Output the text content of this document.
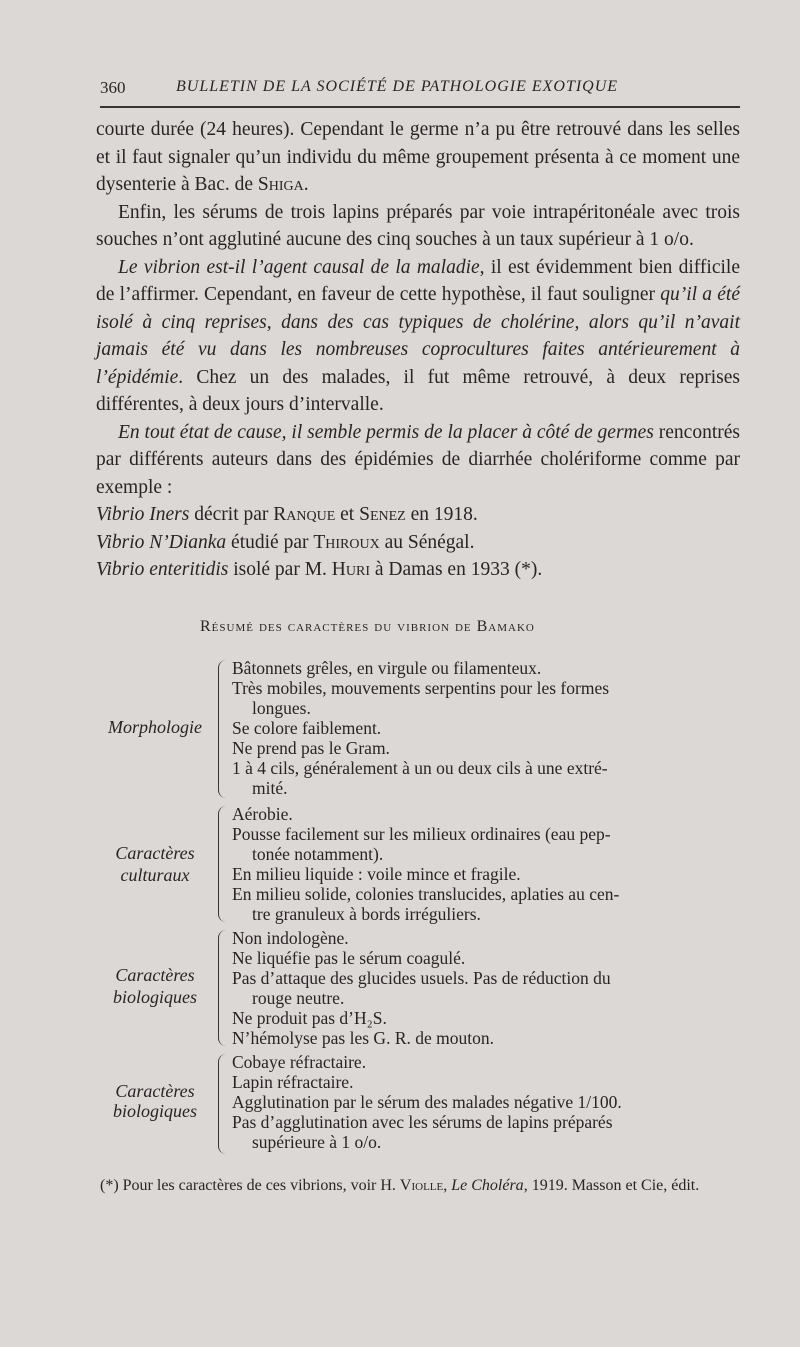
360	BULLETIN DE LA SOCIÉTÉ DE PATHOLOGIE EXOTIQUE

courte durée (24 heures). Cependant le germe n’a pu être retrouvé dans les selles et il faut signaler qu’un individu du même groupement présenta à ce moment une dysenterie à Bac. de Shiga.

Enfin, les sérums de trois lapins préparés par voie intrapéritonéale avec trois souches n’ont agglutiné aucune des cinq souches à un taux supérieur à 1 o/o.

Le vibrion est-il l’agent causal de la maladie, il est évidemment bien difficile de l’affirmer. Cependant, en faveur de cette hypothèse, il faut souligner qu’il a été isolé à cinq reprises, dans des cas typiques de cholérine, alors qu’il n’avait jamais été vu dans les nombreuses coprocultures faites antérieurement à l’épidémie. Chez un des malades, il fut même retrouvé, à deux reprises différentes, à deux jours d’intervalle.

En tout état de cause, il semble permis de la placer à côté de germes rencontrés par différents auteurs dans des épidémies de diarrhée cholériforme comme par exemple :

Vibrio Iners décrit par Ranque et Senez en 1918.

Vibrio N’Dianka étudié par Thiroux au Sénégal.

Vibrio enteritidis isolé par M. Huri à Damas en 1933 (*).

Résumé des caractères du vibrion de Bamako
Morphologie
Bâtonnets grêles, en virgule ou filamenteux.
Très mobiles, mouvements serpentins pour les formes
longues.
Se colore faiblement.
Ne prend pas le Gram.
1 à 4 cils, généralement à un ou deux cils à une extré-
mité.
Caractères
culturaux
Aérobie.
Pousse facilement sur les milieux ordinaires (eau pep-
tonée notamment).
En milieu liquide : voile mince et fragile.
En milieu solide, colonies translucides, aplaties au cen-
tre granuleux à bords irréguliers.
Caractères
biologiques
Non indologène.
Ne liquéfie pas le sérum coagulé.
Pas d’attaque des glucides usuels. Pas de réduction du
rouge neutre.
Ne produit pas d’H₂S.
N’hémolyse pas les G. R. de mouton.
Caractères
biologiques
Cobaye réfractaire.
Lapin réfractaire.
Agglutination par le sérum des malades négative 1/100.
Pas d’agglutination avec les sérums de lapins préparés
supérieure à 1 o/o.
(*) Pour les caractères de ces vibrions, voir H. Violle, Le Choléra, 1919. Masson et Cie, édit.
